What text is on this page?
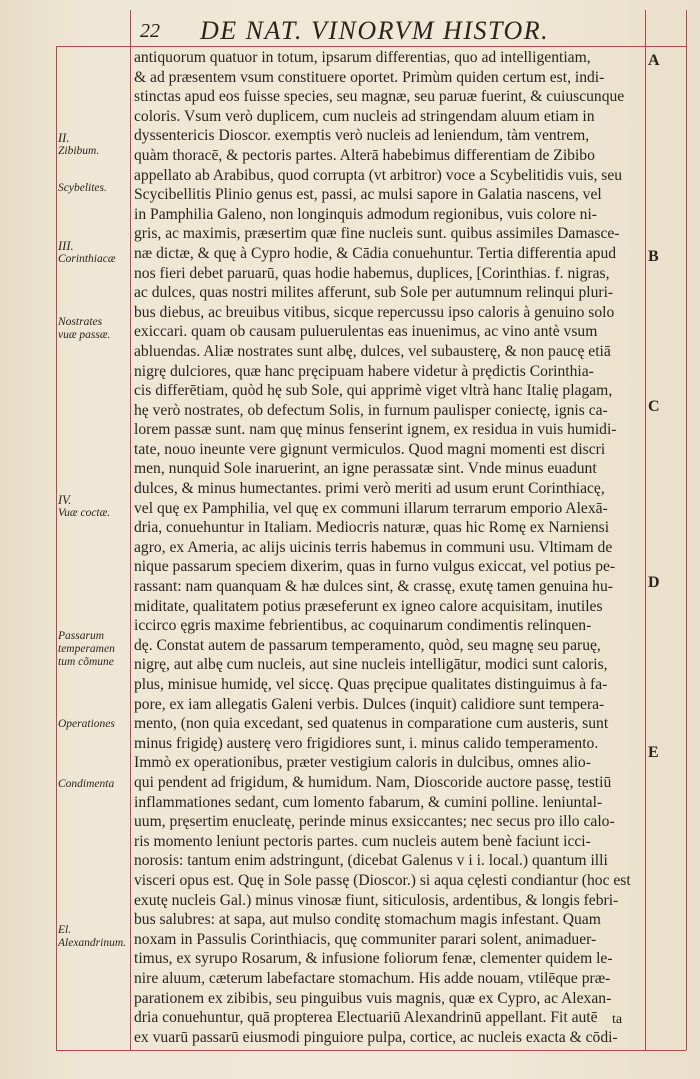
22 DE NAT. VINORVM HISTOR.
II.
Zibibum.
Scybelites.
III.
Corinthiacæ
Nostrates vuæ passæ.
IV.
Vuæ coctæ.
Passarum temperamen tum cõmune
Operationes
Condimenta
El. Alexandrinum.
antiquorum quatuor in totum, ipsarum differentias, quo ad intelligentiam,
& ad præsentem vsum constituere oportet. Primùm quiden certum est, indi-
stinctas apud eos fuisse species, seu magnæ, seu paruæ fuerint, & cuiuscunque
coloris. Vsum verò duplicem, cum nucleis ad stringendam aluum etiam in
dyssentericis Dioscor. exemptis verò nucleis ad leniendum, tàm ventrem,
quàm thoracē, & pectoris partes. Alterā habebimus differentiam de Zibibo
appellato ab Arabibus, quod corrupta (vt arbitror) voce a Scybelitidis vuis, seu
Scycibellitis Plinio genus est, passi, ac mulsi sapore in Galatia nascens, vel
in Pamphilia Galeno, non longinquis admodum regionibus, vuis colore ni-
gris, ac maximis, præsertim quæ fine nucleis sunt. quibus assimiles Damasce-
næ dictæ, & quę à Cypro hodie, & Cādia conuehuntur. Tertia differentia apud
nos fieri debet paruarū, quas hodie habemus, duplices, [Corinthias. f. nigras,
ac dulces, quas nostri milites afferunt, sub Sole per autumnum relinqui pluri-
bus diebus, ac breuibus vitibus, sicque repercussu ipso caloris à genuino solo
exiccari. quam ob causam puluerulentas eas inuenimus, ac vino antè vsum
abluendas. Aliæ nostrates sunt albę, dulces, vel subausterę, & non paucę etiā
nigrę dulciores, quæ hanc pręcipuam habere videtur à prędictis Corinthia-
cis differētiam, quòd hę sub Sole, qui apprimè viget vltrà hanc Italię plagam,
hę verò nostrates, ob defectum Solis, in furnum paulisper coniectę, ignis ca-
lorem passæ sunt. nam quę minus fenserint ignem, ex residua in vuis humidi-
tate, nouo ineunte vere gignunt vermiculos. Quod magni momenti est discri
men, nunquid Sole inaruerint, an igne perassatæ sint. Vnde minus euadunt
dulces, & minus humectantes. primi verò meriti ad usum erunt Corinthiacę,
vel quę ex Pamphilia, vel quę ex communi illarum terrarum emporio Alexā-
dria, conuehuntur in Italiam. Mediocris naturæ, quas hic Romę ex Narniensi
agro, ex Ameria, ac alijs uicinis terris habemus in communi usu. Vltimam de
nique passarum speciem dixerim, quas in furno vulgus exiccat, vel potius pe-
rassant: nam quanquam & hæ dulces sint, & crassę, exutę tamen genuina hu-
miditate, qualitatem potius præseferunt ex igneo calore acquisitam, inutiles
iccirco ęgris maxime febrientibus, ac coquinarum condimentis relinquen-
dę. Constat autem de passarum temperamento, quòd, seu magnę seu paruę,
nigrę, aut albę cum nucleis, aut sine nucleis intelligātur, modici sunt caloris,
plus, minisue humidę, vel siccę. Quas pręcipue qualitates distinguimus à fa-
pore, ex iam allegatis Galeni verbis. Dulces (inquit) calidiore sunt tempera-
mento, (non quia excedant, sed quatenus in comparatione cum austeris, sunt
minus frigidę) austerę vero frigidiores sunt, i. minus calido temperamento.
Immò ex operationibus, præter vestigium caloris in dulcibus, omnes alio-
qui pendent ad frigidum, & humidum. Nam, Dioscoride auctore passę, testiū
inflammationes sedant, cum lomento fabarum, & cumini polline. leniuntal-
uum, pręsertim enucleatę, perinde minus exsiccantes; nec secus pro illo calo-
ris momento leniunt pectoris partes. cum nucleis autem benè faciunt icci-
norosis: tantum enim adstringunt, (dicebat Galenus v i i. local.) quantum illi
visceri opus est. Quę in Sole passę (Dioscor.) si aqua cęlesti condiantur (hoc est
exutę nucleis Gal.) minus vinosæ fiunt, siticulosis, ardentibus, & longis febri-
bus salubres: at sapa, aut mulso conditę stomachum magis infestant. Quam
noxam in Passulis Corinthiacis, quę communiter parari solent, animaduer-
timus, ex syrupo Rosarum, & infusione foliorum fenæ, clementer quidem le-
nire aluum, cæterum labefactare stomachum. His adde nouam, vtilēque præ-
parationem ex zibibis, seu pinguibus vuis magnis, quæ ex Cypro, ac Alexan-
dria conuehuntur, quā propterea Electuariū Alexandrinū appellant. Fit autē
ex vuarū passarū eiusmodi pinguiore pulpa, cortice, ac nucleis exacta & cōdi-
A
B
C
D
E
ta
